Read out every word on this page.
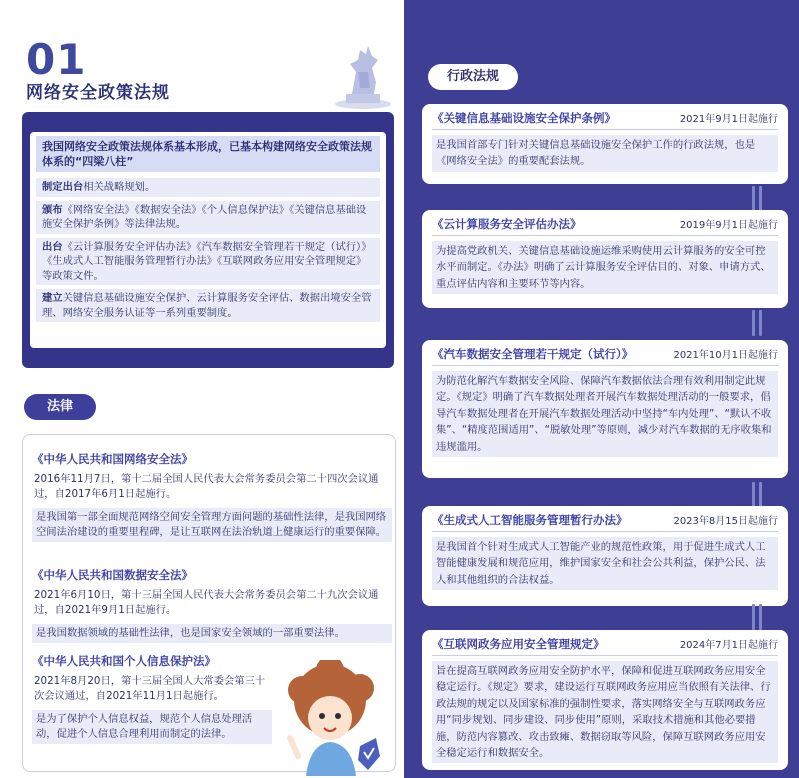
01
网络安全政策法规
我国网络安全政策法规体系基本形成，已基本构建网络安全政策法规体系的“四梁八柱”
制定出台相关战略规划。
颁布《网络安全法》《数据安全法》《个人信息保护法》《关键信息基础设施安全保护条例》等法律法规。
出台《云计算服务安全评估办法》《汽车数据安全管理若干规定（试行）》《生成式人工智能服务管理暂行办法》《互联网政务应用安全管理规定》等政策文件。
建立关键信息基础设施安全保护、云计算服务安全评估、数据出境安全管理、网络安全服务认证等一系列重要制度。
法律
《中华人民共和国网络安全法》
2016年11月7日，第十二届全国人民代表大会常务委员会第二十四次会议通过，自2017年6月1日起施行。
是我国第一部全面规范网络空间安全管理方面问题的基础性法律，是我国网络空间法治建设的重要里程碑，是让互联网在法治轨道上健康运行的重要保障。
《中华人民共和国数据安全法》
2021年6月10日，第十三届全国人民代表大会常务委员会第二十九次会议通过，自2021年9月1日起施行。
是我国数据领域的基础性法律，也是国家安全领域的一部重要法律。
《中华人民共和国个人信息保护法》
2021年8月20日，第十三届全国人大常委会第三十次会议通过，自2021年11月1日起施行。
是为了保护个人信息权益，规范个人信息处理活动，促进个人信息合理利用而制定的法律。
行政法规
《关键信息基础设施安全保护条例》	2021年9月1日起施行
是我国首部专门针对关键信息基础设施安全保护工作的行政法规，也是《网络安全法》的重要配套法规。
《云计算服务安全评估办法》	2019年9月1日起施行
为提高党政机关、关键信息基础设施运维采购使用云计算服务的安全可控水平而制定。《办法》明确了云计算服务安全评估目的、对象、申请方式、重点评估内容和主要环节等内容。
《汽车数据安全管理若干规定（试行）》	2021年10月1日起施行
为防范化解汽车数据安全风险、保障汽车数据依法合理有效利用制定此规定。《规定》明确了汽车数据处理者开展汽车数据处理活动的一般要求，倡导汽车数据处理者在开展汽车数据处理活动中坚持“车内处理”、“默认不收集”、“精度范围适用”、“脱敏处理”等原则，减少对汽车数据的无序收集和违规滥用。
《生成式人工智能服务管理暂行办法》	2023年8月15日起施行
是我国首个针对生成式人工智能产业的规范性政策，用于促进生成式人工智能健康发展和规范应用，维护国家安全和社会公共利益，保护公民、法人和其他组织的合法权益。
《互联网政务应用安全管理规定》	2024年7月1日起施行
旨在提高互联网政务应用安全防护水平，保障和促进互联网政务应用安全稳定运行。《规定》要求，建设运行互联网政务应用应当依照有关法律、行政法规的规定以及国家标准的强制性要求，落实网络安全与互联网政务应用“同步规划、同步建设、同步使用”原则，采取技术措施和其他必要措施，防范内容篡改、攻击致瘫、数据窃取等风险，保障互联网政务应用安全稳定运行和数据安全。
